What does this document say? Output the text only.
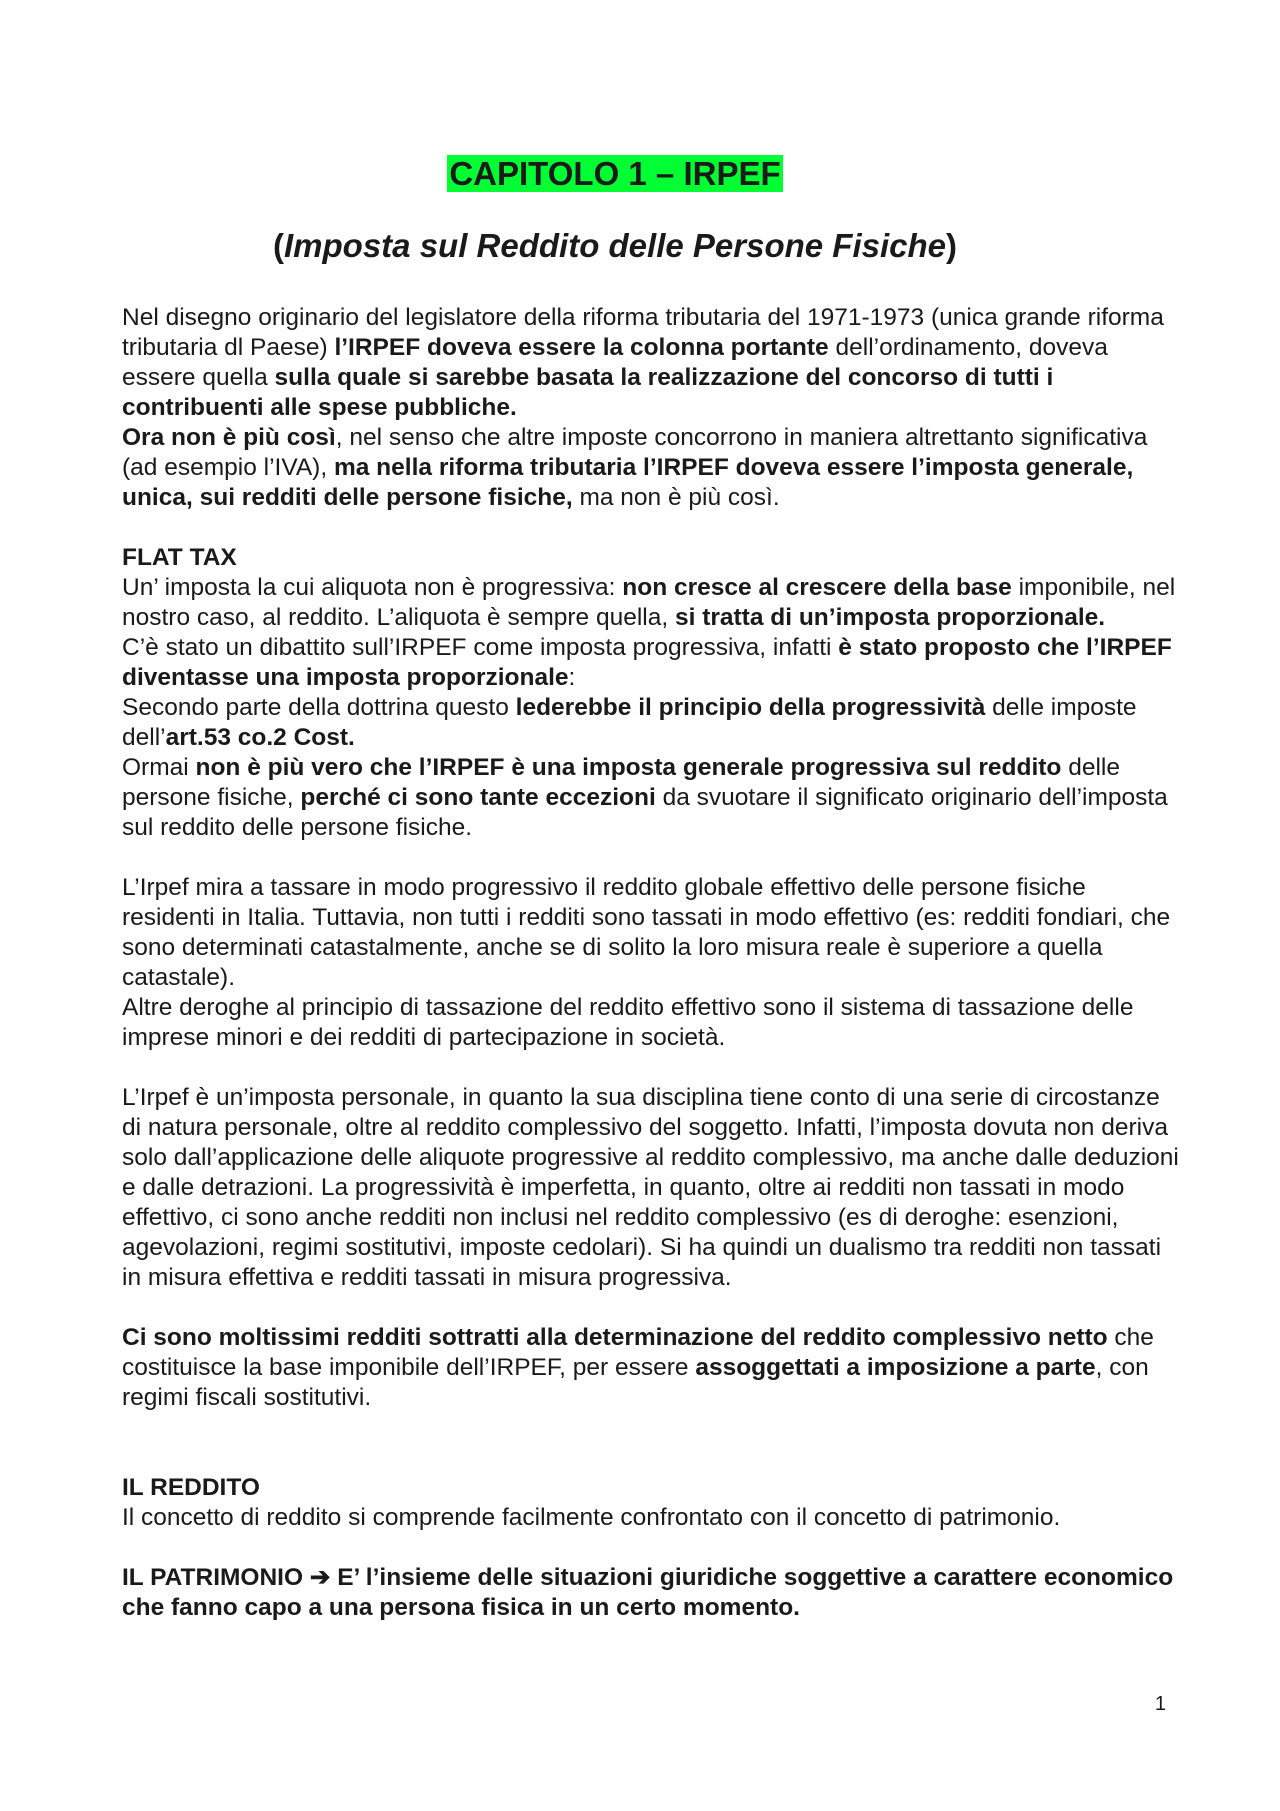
CAPITOLO 1 – IRPEF
(Imposta sul Reddito delle Persone Fisiche)

Nel disegno originario del legislatore della riforma tributaria del 1971-1973 (unica grande riforma tributaria dl Paese) l’IRPEF doveva essere la colonna portante dell’ordinamento, doveva essere quella sulla quale si sarebbe basata la realizzazione del concorso di tutti i contribuenti alle spese pubbliche.

Ora non è più così, nel senso che altre imposte concorrono in maniera altrettanto significativa (ad esempio l’IVA), ma nella riforma tributaria l’IRPEF doveva essere l’imposta generale, unica, sui redditi delle persone fisiche, ma non è più così.

FLAT TAX

Un’ imposta la cui aliquota non è progressiva: non cresce al crescere della base imponibile, nel nostro caso, al reddito. L’aliquota è sempre quella, si tratta di un’imposta proporzionale.

C’è stato un dibattito sull’IRPEF come imposta progressiva, infatti è stato proposto che l’IRPEF diventasse una imposta proporzionale:

Secondo parte della dottrina questo lederebbe il principio della progressività delle imposte dell’art.53 co.2 Cost.

Ormai non è più vero che l’IRPEF è una imposta generale progressiva sul reddito delle persone fisiche, perché ci sono tante eccezioni da svuotare il significato originario dell’imposta sul reddito delle persone fisiche.

L’Irpef mira a tassare in modo progressivo il reddito globale effettivo delle persone fisiche residenti in Italia. Tuttavia, non tutti i redditi sono tassati in modo effettivo (es: redditi fondiari, che sono determinati catastalmente, anche se di solito la loro misura reale è superiore a quella catastale).

Altre deroghe al principio di tassazione del reddito effettivo sono il sistema di tassazione delle imprese minori e dei redditi di partecipazione in società.

L’Irpef è un’imposta personale, in quanto la sua disciplina tiene conto di una serie di circostanze di natura personale, oltre al reddito complessivo del soggetto. Infatti, l’imposta dovuta non deriva solo dall’applicazione delle aliquote progressive al reddito complessivo, ma anche dalle deduzioni e dalle detrazioni. La progressività è imperfetta, in quanto, oltre ai redditi non tassati in modo effettivo, ci sono anche redditi non inclusi nel reddito complessivo (es di deroghe: esenzioni, agevolazioni, regimi sostitutivi, imposte cedolari). Si ha quindi un dualismo tra redditi non tassati in misura effettiva e redditi tassati in misura progressiva.

Ci sono moltissimi redditi sottratti alla determinazione del reddito complessivo netto che costituisce la base imponibile dell’IRPEF, per essere assoggettati a imposizione a parte, con regimi fiscali sostitutivi.

IL REDDITO

Il concetto di reddito si comprende facilmente confrontato con il concetto di patrimonio.

IL PATRIMONIO ➔ E’ l’insieme delle situazioni giuridiche soggettive a carattere economico che fanno capo a una persona fisica in un certo momento.

1
